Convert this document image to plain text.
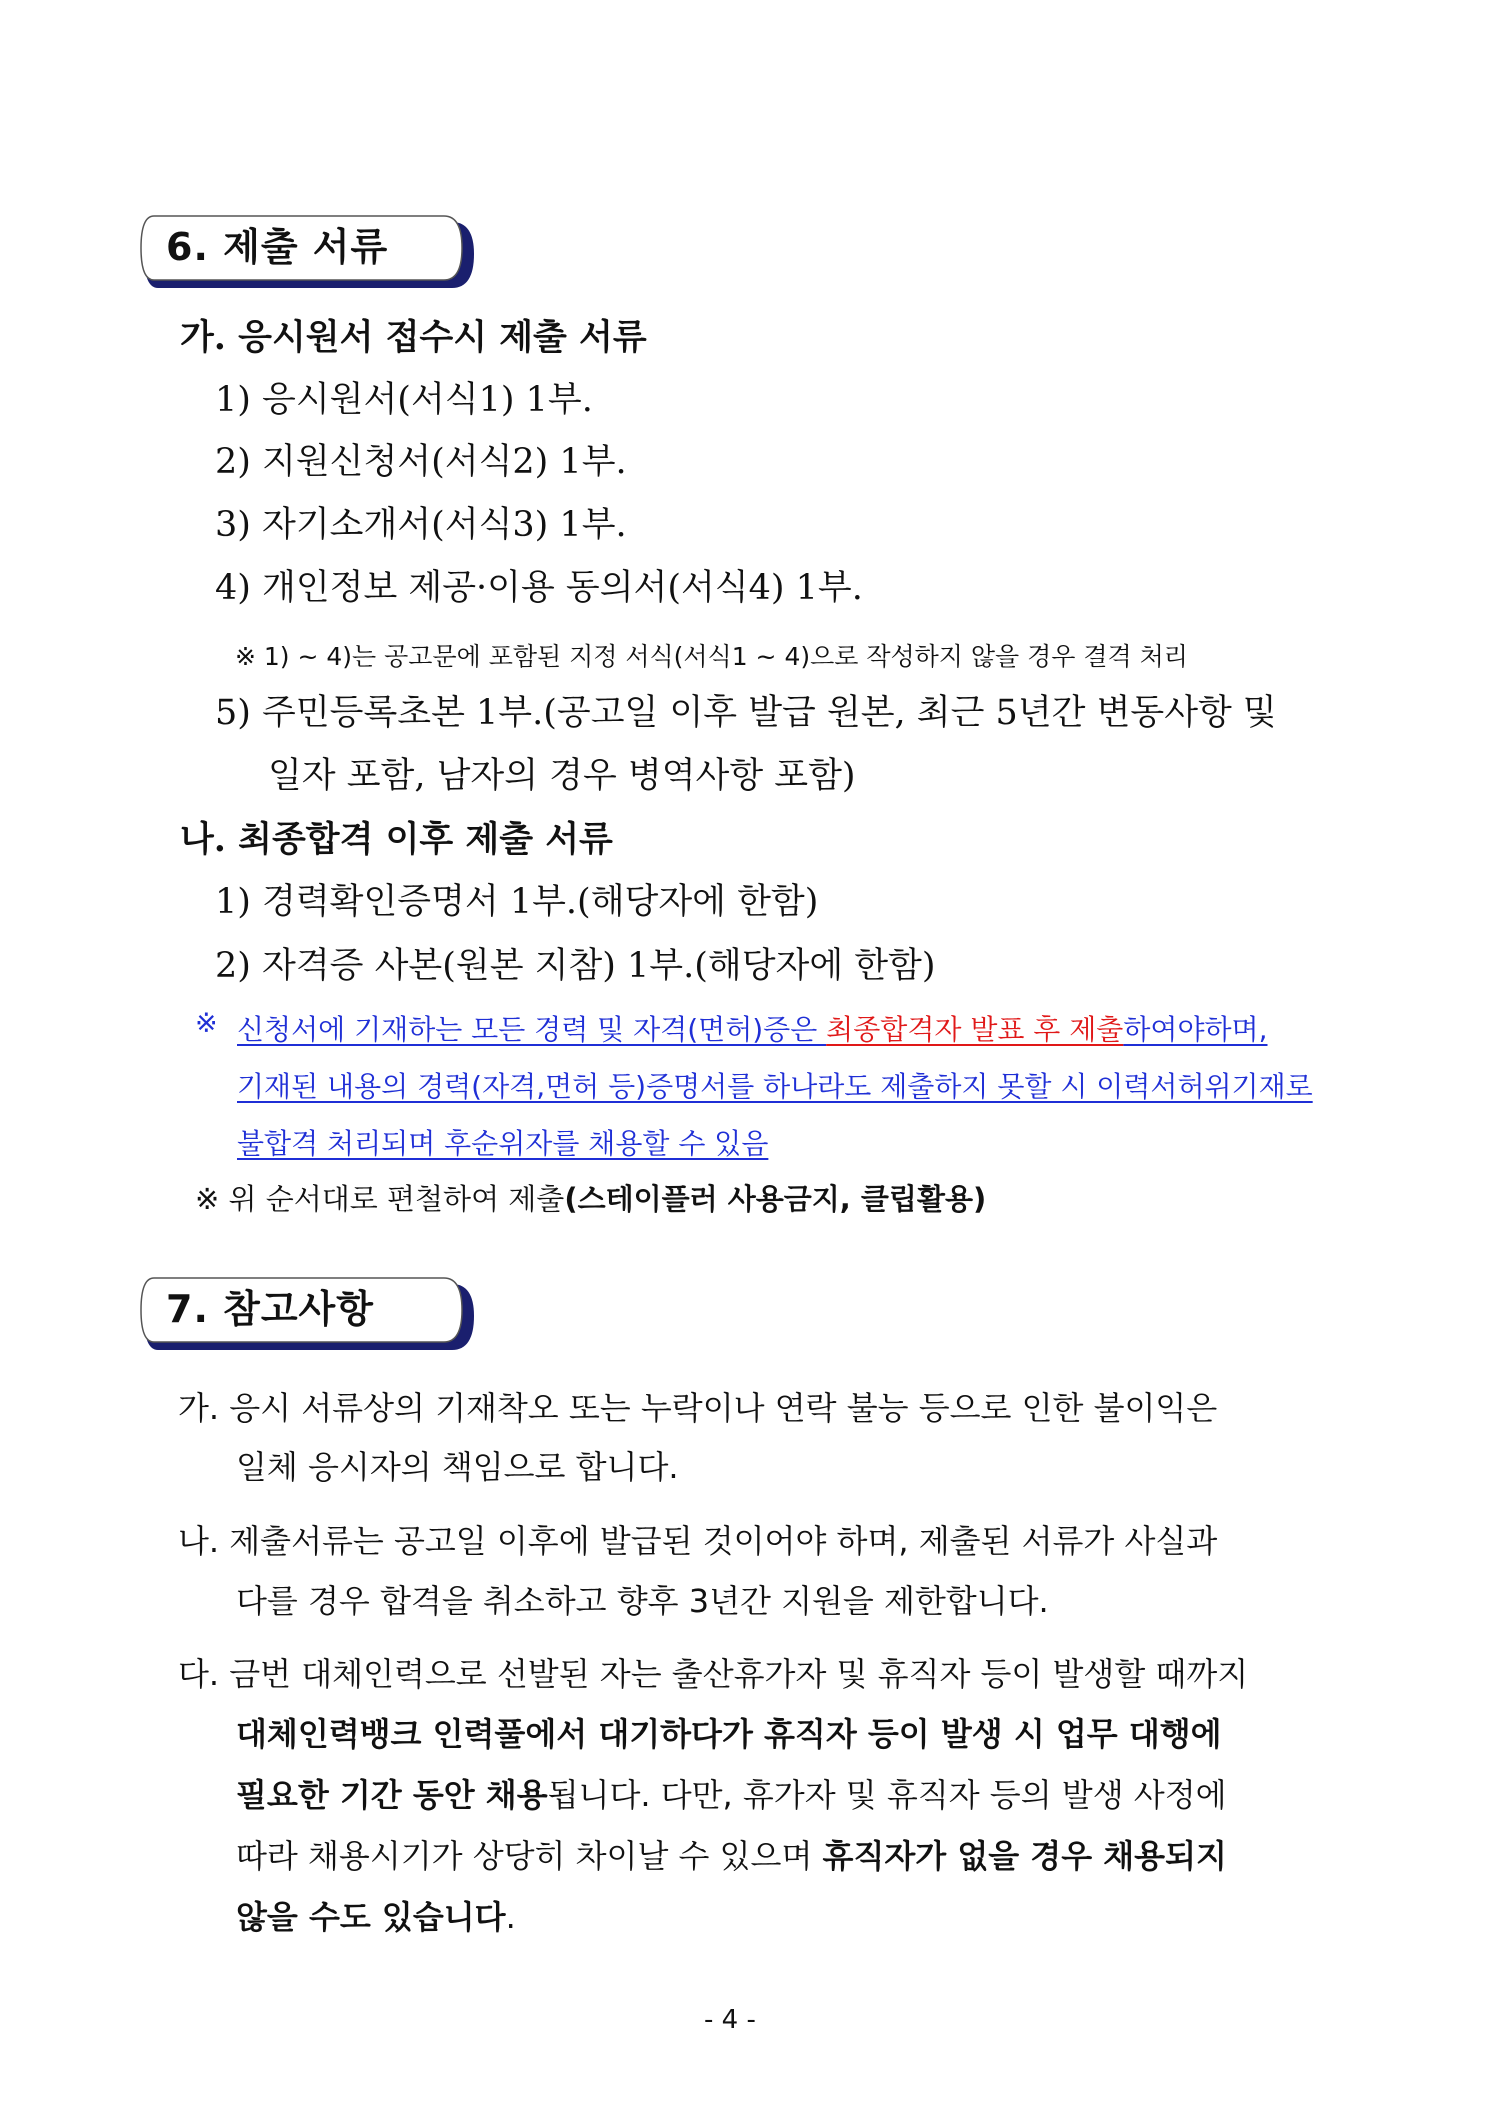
6. 제출 서류
가. 응시원서 접수시 제출 서류
1) 응시원서(서식1) 1부.
2) 지원신청서(서식2) 1부.
3) 자기소개서(서식3) 1부.
4) 개인정보 제공·이용 동의서(서식4) 1부.
※ 1) ~ 4)는 공고문에 포함된 지정 서식(서식1 ~ 4)으로 작성하지 않을 경우 결격 처리
5) 주민등록초본 1부.(공고일 이후 발급 원본, 최근 5년간 변동사항 및
일자 포함, 남자의 경우 병역사항 포함)
나. 최종합격 이후 제출 서류
1) 경력확인증명서 1부.(해당자에 한함)
2) 자격증 사본(원본 지참) 1부.(해당자에 한함)
※ 신청서에 기재하는 모든 경력 및 자격(면허)증은 최종합격자 발표 후 제출하여야하며,
기재된 내용의 경력(자격,면허 등)증명서를 하나라도 제출하지 못할 시 이력서허위기재로
불합격 처리되며 후순위자를 채용할 수 있음
※ 위 순서대로 편철하여 제출(스테이플러 사용금지, 클립활용)
7. 참고사항
가. 응시 서류상의 기재착오 또는 누락이나 연락 불능 등으로 인한 불이익은
일체 응시자의 책임으로 합니다.
나. 제출서류는 공고일 이후에 발급된 것이어야 하며, 제출된 서류가 사실과
다를 경우 합격을 취소하고 향후 3년간 지원을 제한합니다.
다. 금번 대체인력으로 선발된 자는 출산휴가자 및 휴직자 등이 발생할 때까지
대체인력뱅크 인력풀에서 대기하다가 휴직자 등이 발생 시 업무 대행에
필요한 기간 동안 채용됩니다. 다만, 휴가자 및 휴직자 등의 발생 사정에
따라 채용시기가 상당히 차이날 수 있으며 휴직자가 없을 경우 채용되지
않을 수도 있습니다.
- 4 -
